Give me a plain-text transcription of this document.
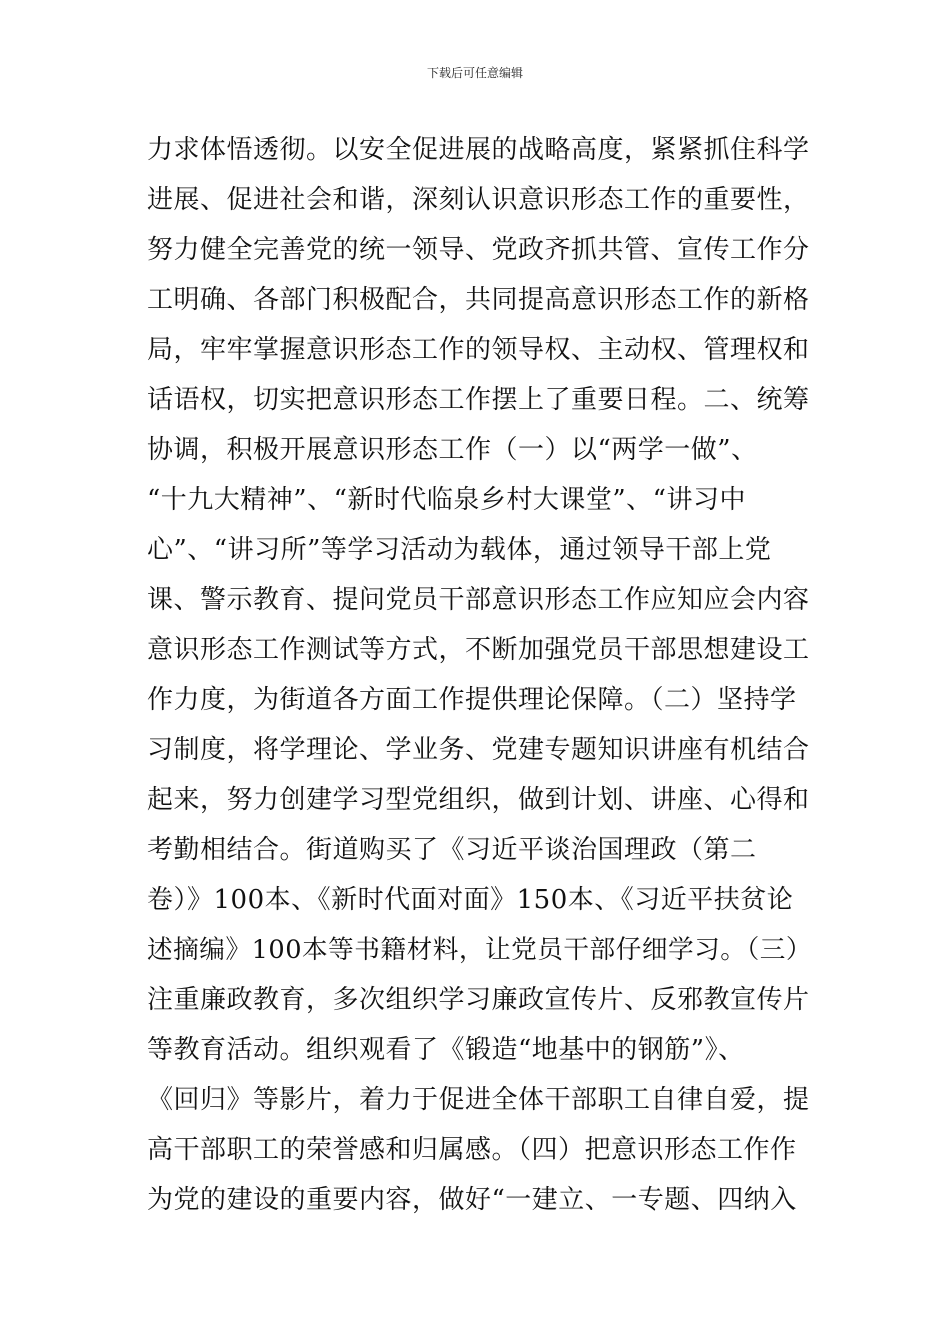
下载后可任意编辑
力求体悟透彻。以安全促进展的战略高度，紧紧抓住科学
进展、促进社会和谐，深刻认识意识形态工作的重要性，
努力健全完善党的统一领导、党政齐抓共管、宣传工作分
工明确、各部门积极配合，共同提高意识形态工作的新格
局，牢牢掌握意识形态工作的领导权、主动权、管理权和
话语权，切实把意识形态工作摆上了重要日程。二、统筹
协调，积极开展意识形态工作（一）以“两学一做”、
“十九大精神”、“新时代临泉乡村大课堂”、“讲习中
心”、“讲习所”等学习活动为载体，通过领导干部上党
课、警示教育、提问党员干部意识形态工作应知应会内容
意识形态工作测试等方式，不断加强党员干部思想建设工
作力度，为街道各方面工作提供理论保障。（二）坚持学
习制度，将学理论、学业务、党建专题知识讲座有机结合
起来，努力创建学习型党组织，做到计划、讲座、心得和
考勤相结合。街道购买了《习近平谈治国理政（第二
卷）》100本、《新时代面对面》150本、《习近平扶贫论
述摘编》100本等书籍材料，让党员干部仔细学习。（三）
注重廉政教育，多次组织学习廉政宣传片、反邪教宣传片
等教育活动。组织观看了《锻造“地基中的钢筋”》、
《回归》等影片，着力于促进全体干部职工自律自爱，提
高干部职工的荣誉感和归属感。（四）把意识形态工作作
为党的建设的重要内容，做好“一建立、一专题、四纳入
